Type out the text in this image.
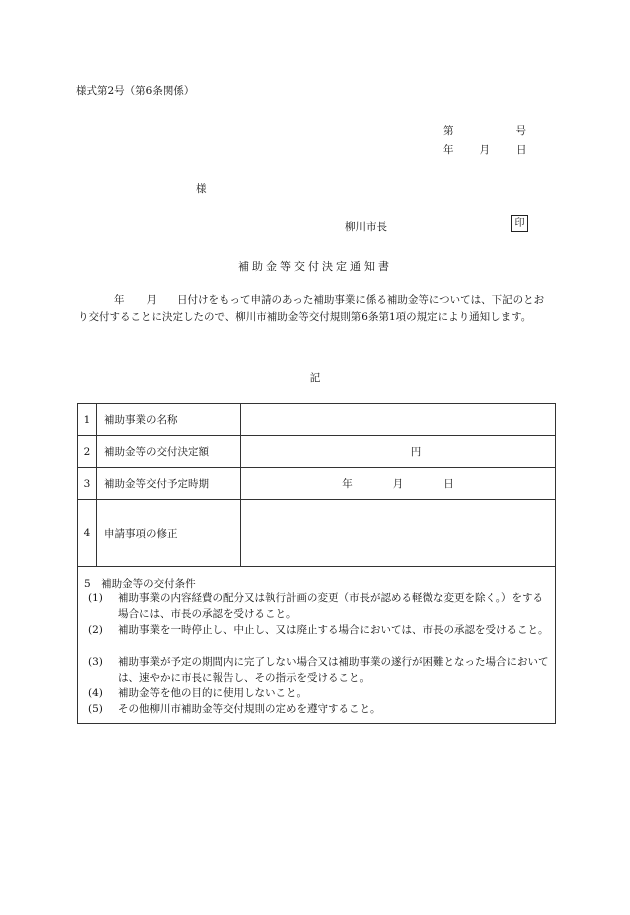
様式第2号（第6条関係）
第	号
年 月 日
様
柳川市長	印
補助金等交付決定通知書
年 月 日付けをもって申請のあった補助事業に係る補助金等については、下記のとおり交付することに決定したので、柳川市補助金等交付規則第6条第1項の規定により通知します。
記
1	補助事業の名称	
2	補助金等の交付決定額	円
3	補助金等交付予定時期	年 月 日
4	申請事項の修正	
5　補助金等の交付条件
(1)	補助事業の内容経費の配分又は執行計画の変更（市長が認める軽微な変更を除く。）をする場合には、市長の承認を受けること。
(2)	補助事業を一時停止し、中止し、又は廃止する場合においては、市長の承認を受けること。
(3)	補助事業が予定の期間内に完了しない場合又は補助事業の遂行が困難となった場合においては、速やかに市長に報告し、その指示を受けること。
(4)	補助金等を他の目的に使用しないこと。
(5)	その他柳川市補助金等交付規則の定めを遵守すること。
